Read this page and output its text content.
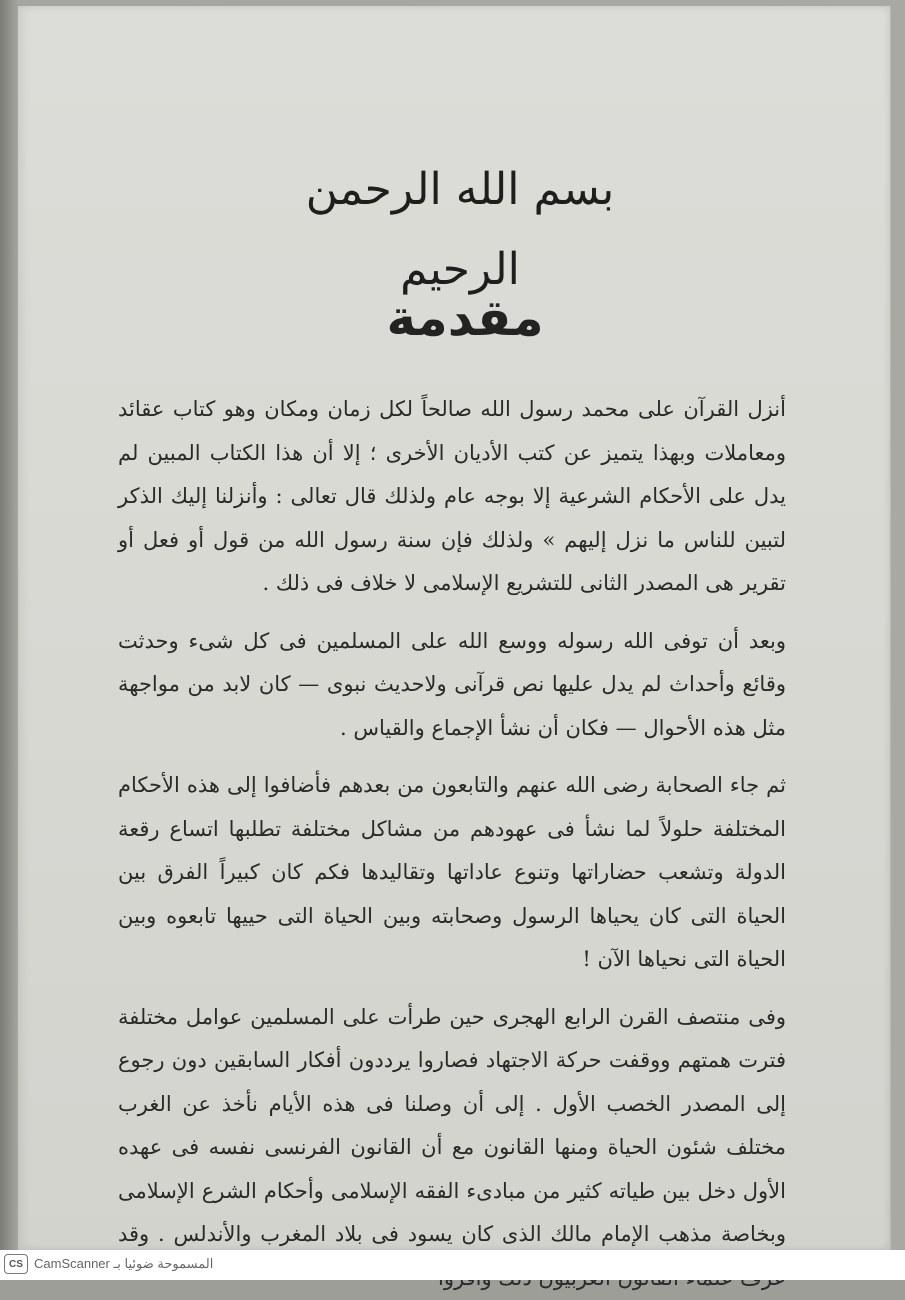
بسم الله الرحمن الرحيم
مقدمة

أنزل القرآن على محمد رسول الله صالحاً لكل زمان ومكان وهو كتاب عقائد ومعاملات وبهذا يتميز عن كتب الأديان الأخرى ؛ إلا أن هذا الكتاب المبين لم يدل على الأحكام الشرعية إلا بوجه عام ولذلك قال تعالى : وأنزلنا إليك الذكر لتبين للناس ما نزل إليهم » ولذلك فإن سنة رسول الله من قول أو فعل أو تقرير هى المصدر الثانى للتشريع الإسلامى لا خلاف فى ذلك .

وبعد أن توفى الله رسوله ووسع الله على المسلمين فى كل شىء وحدثت وقائع وأحداث لم يدل عليها نص قرآنى ولاحديث نبوى — كان لابد من مواجهة مثل هذه الأحوال — فكان أن نشأ الإجماع والقياس .

ثم جاء الصحابة رضى الله عنهم والتابعون من بعدهم فأضافوا إلى هذه الأحكام المختلفة حلولاً لما نشأ فى عهودهم من مشاكل مختلفة تطلبها اتساع رقعة الدولة وتشعب حضاراتها وتنوع عاداتها وتقاليدها فكم كان كبيراً الفرق بين الحياة التى كان يحياها الرسول وصحابته وبين الحياة التى حييها تابعوه وبين الحياة التى نحياها الآن !

وفى منتصف القرن الرابع الهجرى حين طرأت على المسلمين عوامل مختلفة فترت همتهم ووقفت حركة الاجتهاد فصاروا يرددون أفكار السابقين دون رجوع إلى المصدر الخصب الأول . إلى أن وصلنا فى هذه الأيام نأخذ عن الغرب مختلف شئون الحياة ومنها القانون مع أن القانون الفرنسى نفسه فى عهده الأول دخل بين طياته كثير من مبادىء الفقه الإسلامى وأحكام الشرع الإسلامى وبخاصة مذهب الإمام مالك الذى كان يسود فى بلاد المغرب والأندلس . وقد

CS CamScanner المسموحة ضوئيا بـ
